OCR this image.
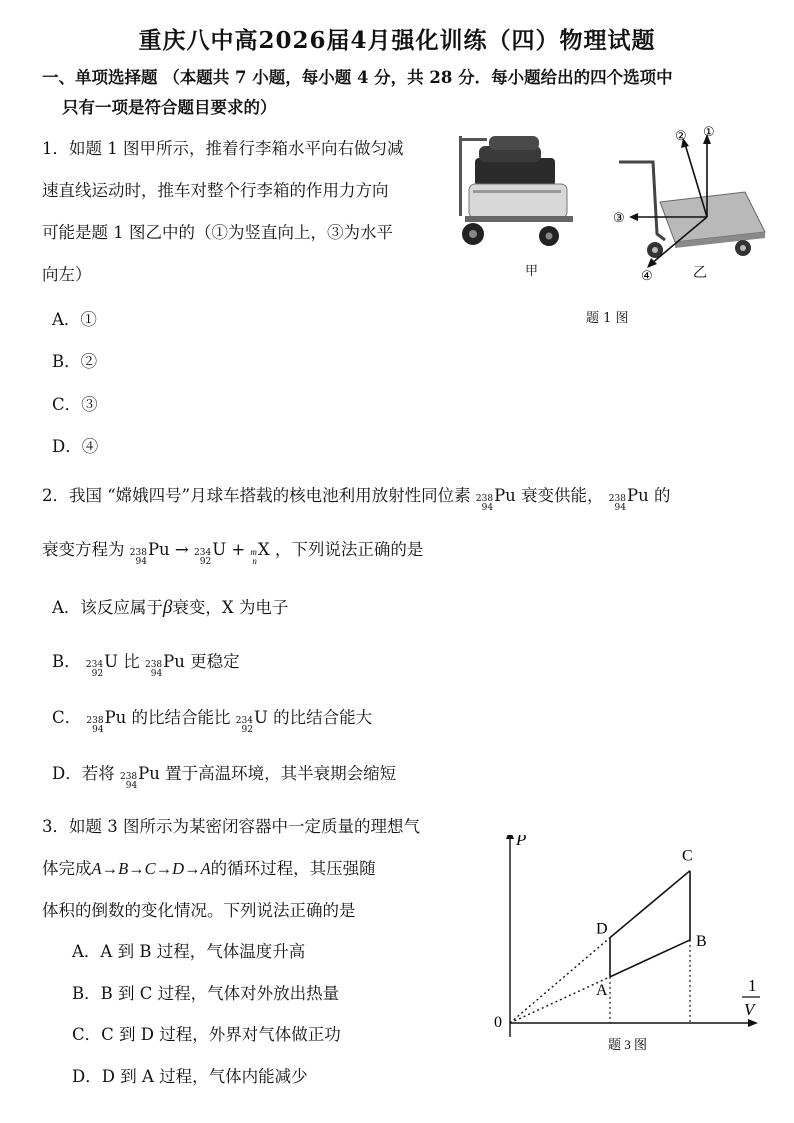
重庆八中高2026届4月强化训练（四）物理试题
一、单项选择题 （本题共 7 小题，每小题 4 分，共 28 分．每小题给出的四个选项中
只有一项是符合题目要求的）
1．如题 1 图甲所示，推着行李箱水平向右做匀减
速直线运动时，推车对整个行李箱的作用力方向
可能是题 1 图乙中的（①为竖直向上，③为水平
向左）
A．①
B．②
C．③
D．④
甲
①
②
③
④	乙
题 1 图
2．我国 “嫦娥四号”月球车搭载的核电池利用放射性同位素 238
94
Pu 衰变供能， 238
94
Pu 的
衰变方程为 238
94
Pu → 234
92
U + m
n
X ，下列说法正确的是
A．该反应属于β衰变，X 为电子
B． 234
92
U 比 238
94
Pu 更稳定
C． 238
94
Pu 的比结合能比 234
92
U 的比结合能大
D．若将 238
94
Pu 置于高温环境，其半衰期会缩短
3．如题 3 图所示为某密闭容器中一定质量的理想气
体完成A→B→C→D→A的循环过程，其压强随
体积的倒数的变化情况。下列说法正确的是
A．A 到 B 过程，气体温度升高
B．B 到 C 过程，气体对外放出热量
C．C 到 D 过程，外界对气体做正功
D．D 到 A 过程，气体内能减少
A
B
C
D
P
1
V
0
题 3 图
